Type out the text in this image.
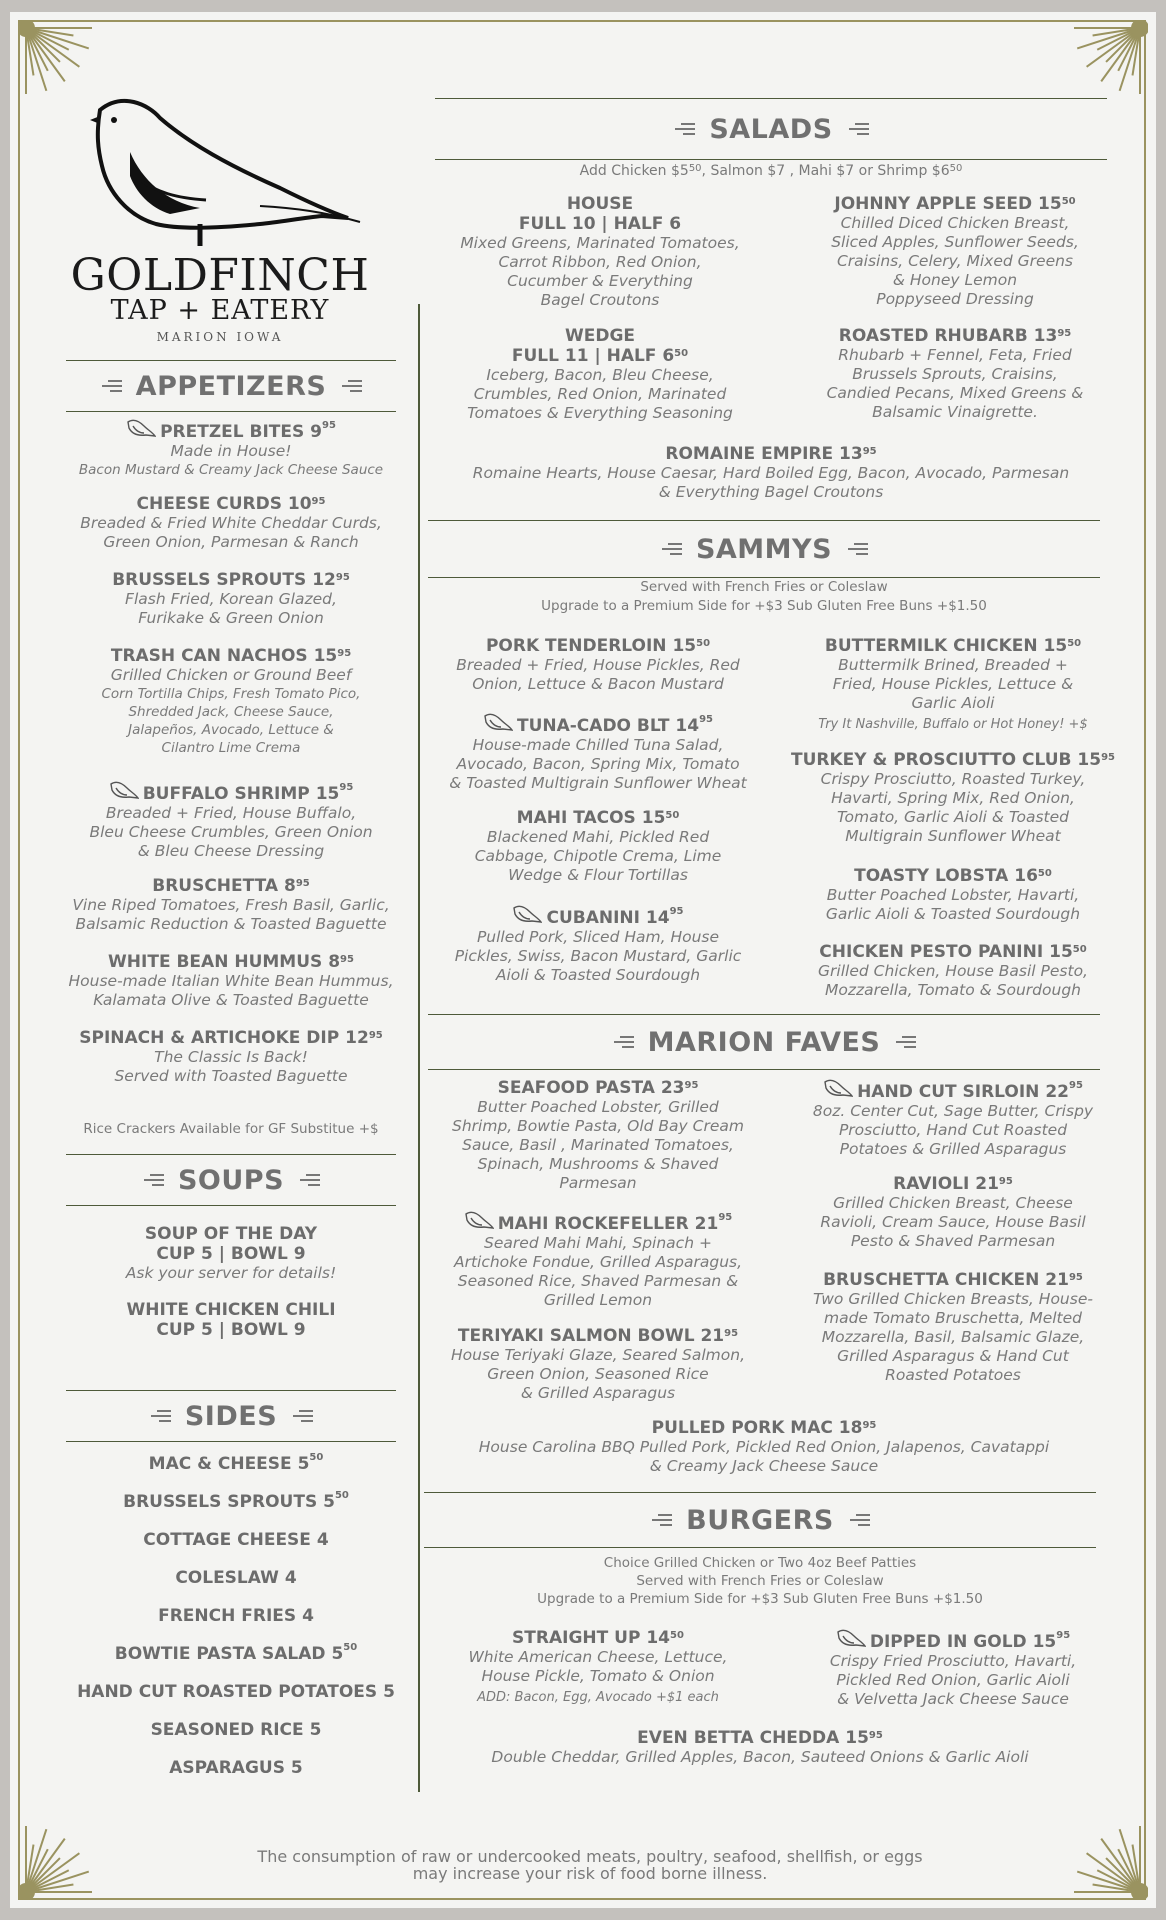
GOLDFINCH
TAP + EATERY
MARION IOWA
The consumption of raw or undercooked meats, poultry, seafood, shellfish, or eggs
may increase your risk of food borne illness.
APPETIZERS
PRETZEL BITES $9^{95}$
Made in House!
Bacon Mustard & Creamy Jack Cheese Sauce
CHEESE CURDS $10^{95}$
Breaded & Fried White Cheddar Curds,
Green Onion, Parmesan & Ranch
BRUSSELS SPROUTS $12^{95}$
Flash Fried, Korean Glazed,
Furikake & Green Onion
TRASH CAN NACHOS $15^{95}$
Grilled Chicken or Ground Beef
Corn Tortilla Chips, Fresh Tomato Pico,
Shredded Jack, Cheese Sauce,
Jalapeños, Avocado, Lettuce &
Cilantro Lime Crema
BUFFALO SHRIMP $15^{95}$
Breaded + Fried, House Buffalo,
Bleu Cheese Crumbles, Green Onion
& Bleu Cheese Dressing
BRUSCHETTA $8^{95}$
Vine Riped Tomatoes, Fresh Basil, Garlic,
Balsamic Reduction & Toasted Baguette
WHITE BEAN HUMMUS $8^{95}$
House-made Italian White Bean Hummus,
Kalamata Olive & Toasted Baguette
SPINACH & ARTICHOKE DIP $12^{95}$
The Classic Is Back!
Served with Toasted Baguette
Rice Crackers Available for GF Substitue +$
SOUPS
SOUP OF THE DAY
CUP 5 | BOWL 9
Ask your server for details!
WHITE CHICKEN CHILI
CUP 5 | BOWL 9
SIDES
MAC & CHEESE $5^{50}$
BRUSSELS SPROUTS $5^{50}$
COTTAGE CHEESE 4
COLESLAW 4
FRENCH FRIES 4
BOWTIE PASTA SALAD $5^{50}$
HAND CUT ROASTED POTATOES 5
SEASONED RICE 5
ASPARAGUS 5
SALADS
Add Chicken $\$5^{50}$, Salmon $7 , Mahi $7 or Shrimp $\$6^{50}$
HOUSE
FULL 10 | HALF 6
Mixed Greens, Marinated Tomatoes,
Carrot Ribbon, Red Onion,
Cucumber & Everything
Bagel Croutons
JOHNNY APPLE SEED $15^{50}$
Chilled Diced Chicken Breast,
Sliced Apples, Sunflower Seeds,
Craisins, Celery, Mixed Greens
& Honey Lemon
Poppyseed Dressing
WEDGE
FULL 11 | HALF $6^{50}$
Iceberg, Bacon, Bleu Cheese,
Crumbles, Red Onion, Marinated
Tomatoes & Everything Seasoning
ROASTED RHUBARB $13^{95}$
Rhubarb + Fennel, Feta, Fried
Brussels Sprouts, Craisins,
Candied Pecans, Mixed Greens &
Balsamic Vinaigrette.
ROMAINE EMPIRE $13^{95}$
Romaine Hearts, House Caesar, Hard Boiled Egg, Bacon, Avocado, Parmesan
& Everything Bagel Croutons
SAMMYS
Served with French Fries or Coleslaw
Upgrade to a Premium Side for +$3 Sub Gluten Free Buns +$1.50
PORK TENDERLOIN $15^{50}$
Breaded + Fried, House Pickles, Red
Onion, Lettuce & Bacon Mustard
BUTTERMILK CHICKEN $15^{50}$
Buttermilk Brined, Breaded +
Fried, House Pickles, Lettuce &
Garlic Aioli
Try It Nashville, Buffalo or Hot Honey! +$
TUNA-CADO BLT $14^{95}$
House-made Chilled Tuna Salad,
Avocado, Bacon, Spring Mix, Tomato
& Toasted Multigrain Sunflower Wheat
TURKEY & PROSCIUTTO CLUB $15^{95}$
Crispy Prosciutto, Roasted Turkey,
Havarti, Spring Mix, Red Onion,
Tomato, Garlic Aioli & Toasted
Multigrain Sunflower Wheat
MAHI TACOS $15^{50}$
Blackened Mahi, Pickled Red
Cabbage, Chipotle Crema, Lime
Wedge & Flour Tortillas	TOASTY LOBSTA $16^{50}$
Butter Poached Lobster, Havarti,
Garlic Aioli & Toasted Sourdough
CUBANINI $14^{95}$
Pulled Pork, Sliced Ham, House
Pickles, Swiss, Bacon Mustard, Garlic
Aioli & Toasted Sourdough
CHICKEN PESTO PANINI $15^{50}$
Grilled Chicken, House Basil Pesto,
Mozzarella, Tomato & Sourdough
MARION FAVES
SEAFOOD PASTA $23^{95}$
Butter Poached Lobster, Grilled
Shrimp, Bowtie Pasta, Old Bay Cream
Sauce, Basil , Marinated Tomatoes,
Spinach, Mushrooms & Shaved
Parmesan
HAND CUT SIRLOIN $22^{95}$
8oz. Center Cut, Sage Butter, Crispy
Prosciutto, Hand Cut Roasted
Potatoes & Grilled Asparagus
RAVIOLI $21^{95}$
Grilled Chicken Breast, Cheese
Ravioli, Cream Sauce, House Basil
Pesto & Shaved Parmesan
MAHI ROCKEFELLER $21^{95}$
Seared Mahi Mahi, Spinach +
Artichoke Fondue, Grilled Asparagus,
Seasoned Rice, Shaved Parmesan &
Grilled Lemon
BRUSCHETTA CHICKEN $21^{95}$
Two Grilled Chicken Breasts, House-
made Tomato Bruschetta, Melted
Mozzarella, Basil, Balsamic Glaze,
Grilled Asparagus & Hand Cut
Roasted Potatoes
TERIYAKI SALMON BOWL $21^{95}$
House Teriyaki Glaze, Seared Salmon,
Green Onion, Seasoned Rice
& Grilled Asparagus
PULLED PORK MAC $18^{95}$
House Carolina BBQ Pulled Pork, Pickled Red Onion, Jalapenos, Cavatappi
& Creamy Jack Cheese Sauce
BURGERS
Choice Grilled Chicken or Two 4oz Beef Patties
Served with French Fries or Coleslaw
Upgrade to a Premium Side for +$3 Sub Gluten Free Buns +$1.50
STRAIGHT UP $14^{50}$
White American Cheese, Lettuce,
House Pickle, Tomato & Onion
ADD: Bacon, Egg, Avocado +$1 each
DIPPED IN GOLD $15^{95}$
Crispy Fried Prosciutto, Havarti,
Pickled Red Onion, Garlic Aioli
& Velvetta Jack Cheese Sauce
EVEN BETTA CHEDDA $15^{95}$
Double Cheddar, Grilled Apples, Bacon, Sauteed Onions & Garlic Aioli
